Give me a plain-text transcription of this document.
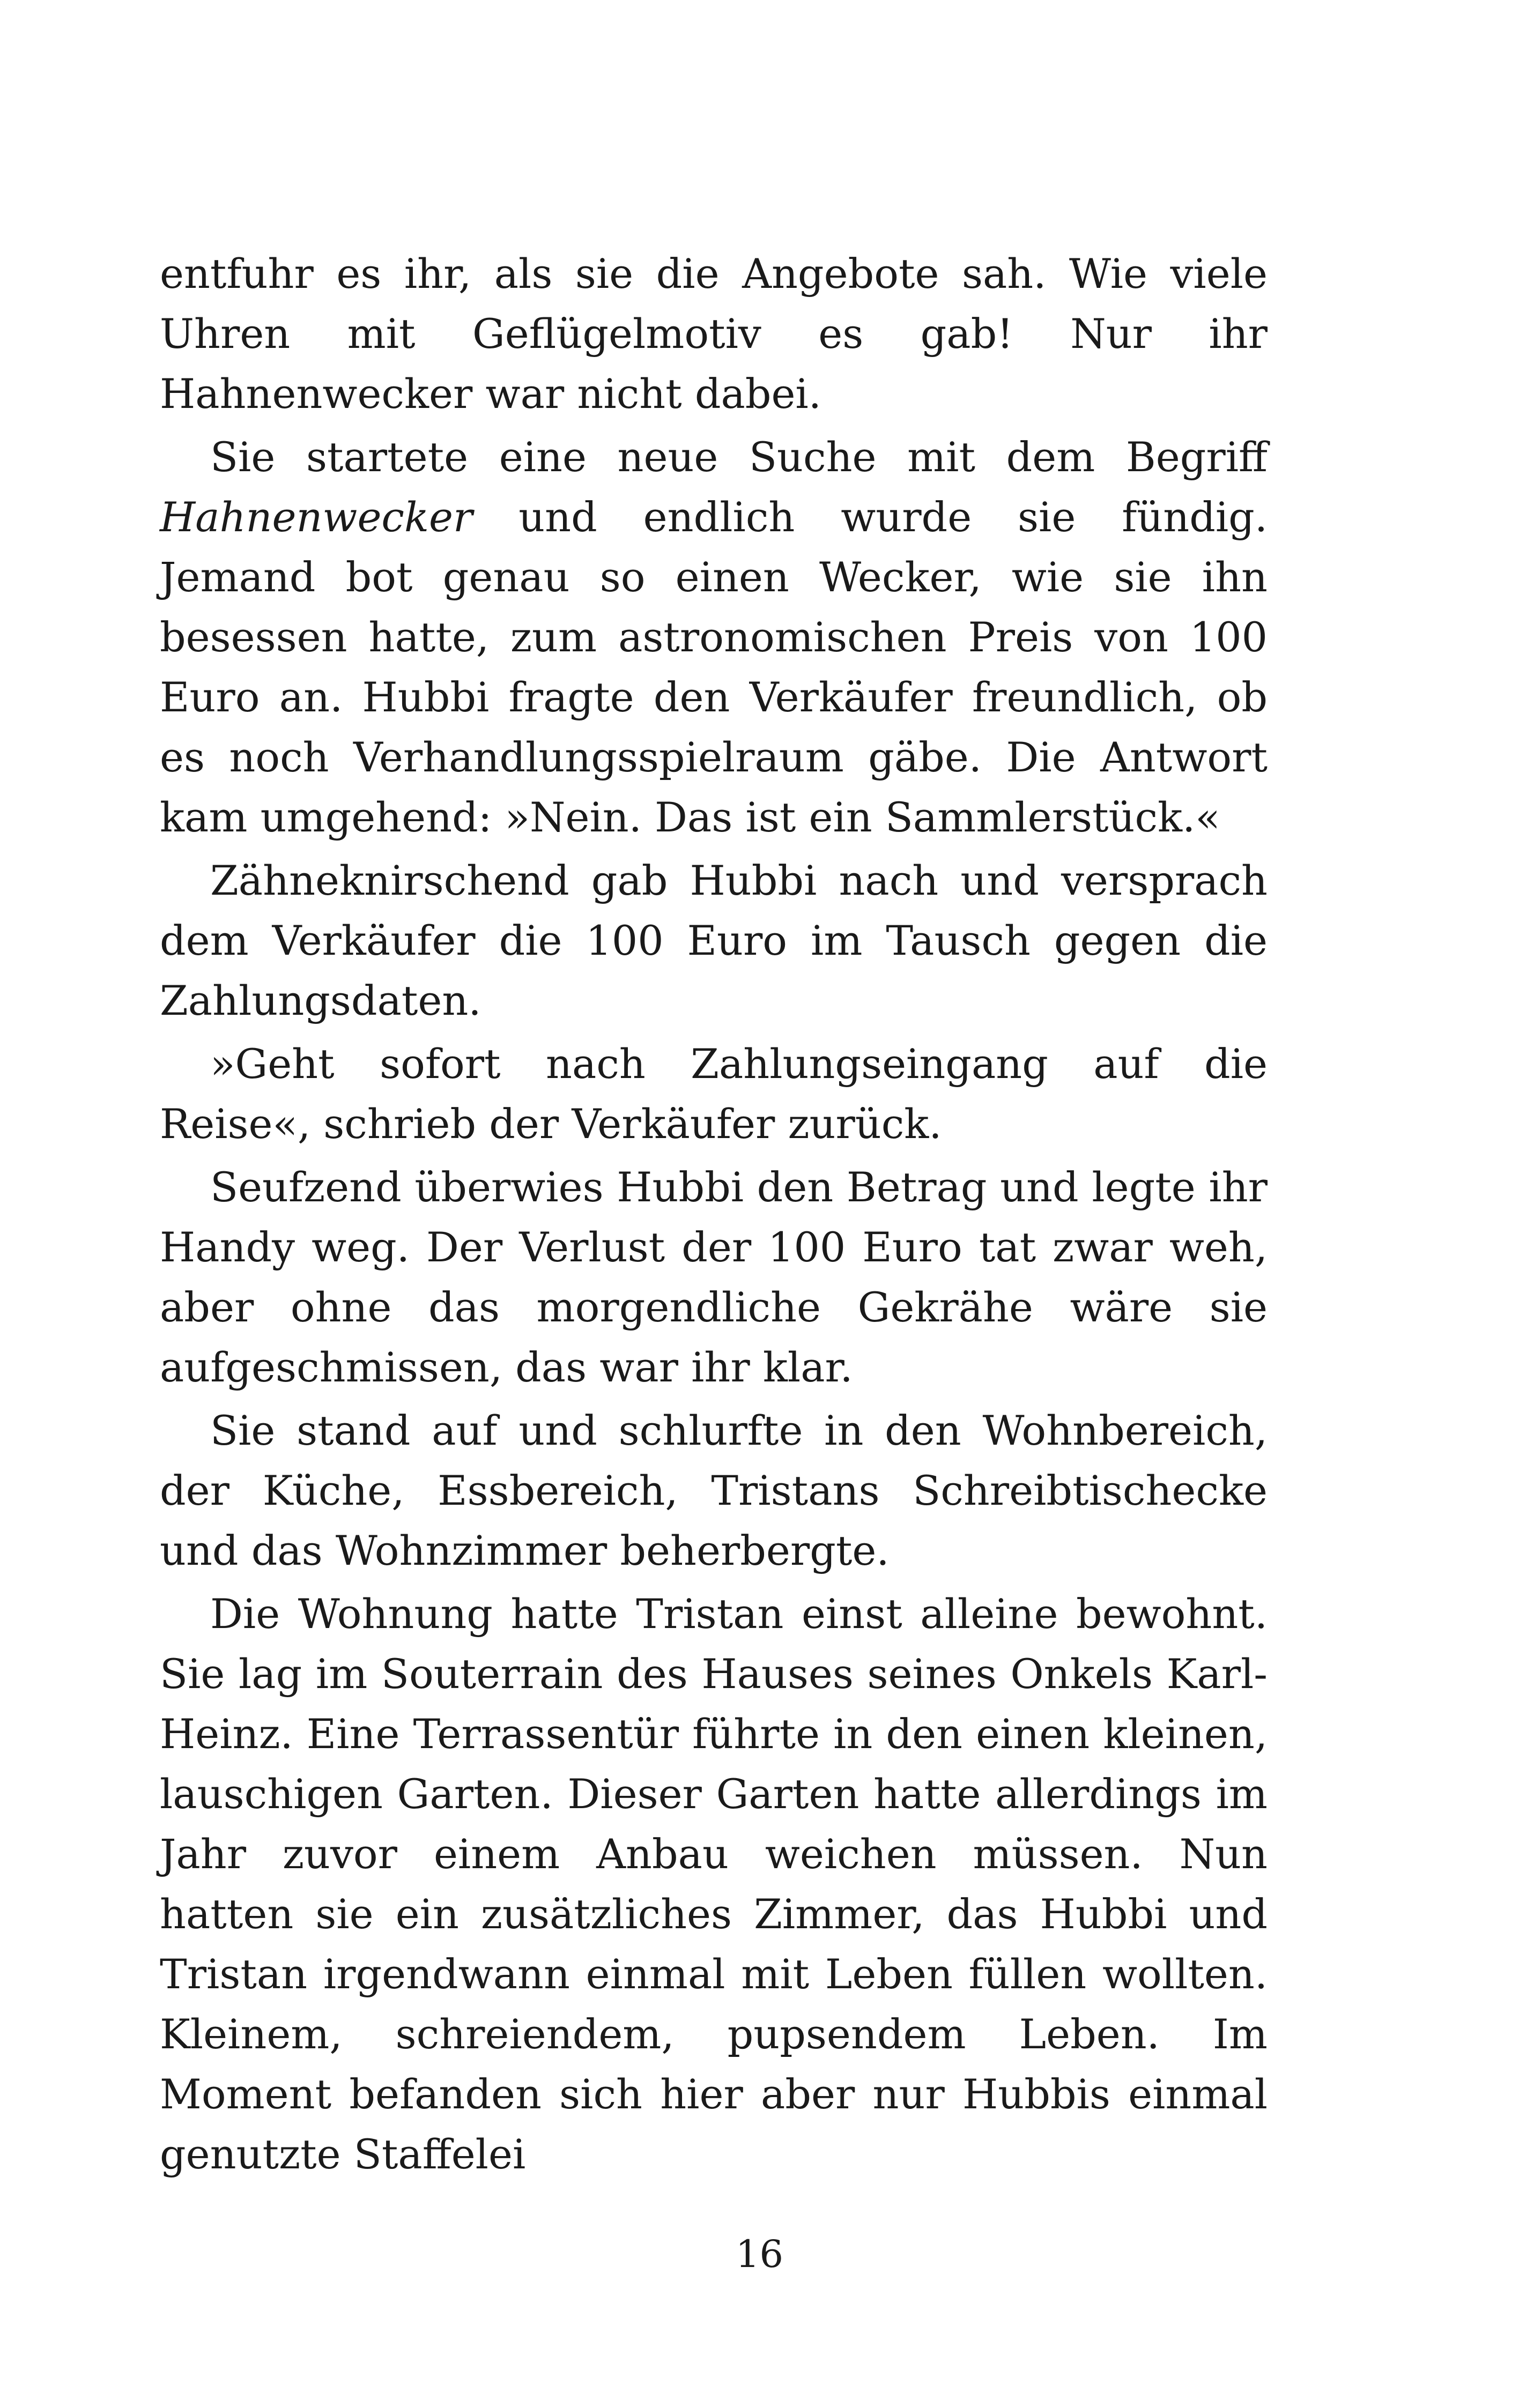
entfuhr es ihr, als sie die Angebote sah. Wie viele Uhren mit Geflügelmotiv es gab! Nur ihr Hahnenwecker war nicht dabei.

Sie startete eine neue Suche mit dem Begriff Hahnenwecker und endlich wurde sie fündig. Jemand bot genau so einen Wecker, wie sie ihn besessen hatte, zum astronomischen Preis von 100 Euro an. Hubbi fragte den Verkäufer freundlich, ob es noch Verhandlungsspielraum gäbe. Die Antwort kam umgehend: »Nein. Das ist ein Sammlerstück.«

Zähneknirschend gab Hubbi nach und versprach dem Verkäufer die 100 Euro im Tausch gegen die Zahlungsdaten.

»Geht sofort nach Zahlungseingang auf die Reise«, schrieb der Verkäufer zurück.

Seufzend überwies Hubbi den Betrag und legte ihr Handy weg. Der Verlust der 100 Euro tat zwar weh, aber ohne das morgendliche Gekrähe wäre sie aufgeschmissen, das war ihr klar.

Sie stand auf und schlurfte in den Wohnbereich, der Küche, Essbereich, Tristans Schreibtischecke und das Wohnzimmer beherbergte.

Die Wohnung hatte Tristan einst alleine bewohnt. Sie lag im Souterrain des Hauses seines Onkels Karl-Heinz. Eine Terrassentür führte in den einen kleinen, lauschigen Garten. Dieser Garten hatte allerdings im Jahr zuvor einem Anbau weichen müssen. Nun hatten sie ein zusätzliches Zimmer, das Hubbi und Tristan irgendwann einmal mit Leben füllen wollten. Kleinem, schreiendem, pupsendem Leben. Im Moment befanden sich hier aber nur Hubbis einmal genutzte Staffelei

16
